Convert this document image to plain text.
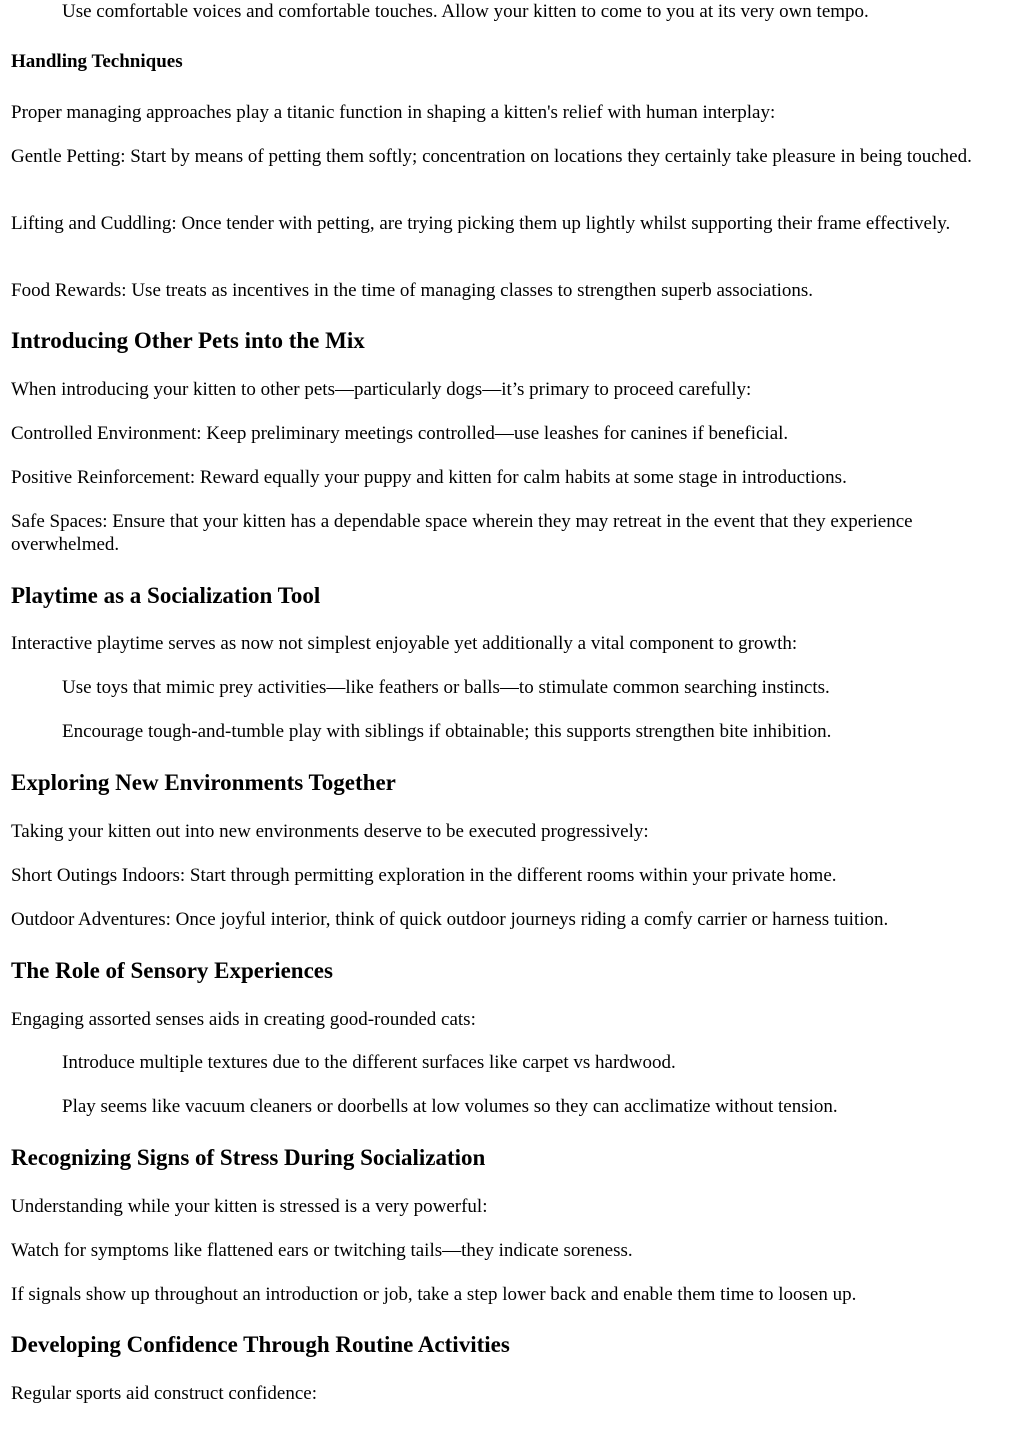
Use comfortable voices and comfortable touches. Allow your kitten to come to you at its very own tempo.

Handling Techniques

Proper managing approaches play a titanic function in shaping a kitten's relief with human interplay:

Gentle Petting: Start by means of petting them softly; concentration on locations they certainly take pleasure in being touched.

Lifting and Cuddling: Once tender with petting, are trying picking them up lightly whilst supporting their frame effectively.

Food Rewards: Use treats as incentives in the time of managing classes to strengthen superb associations.

Introducing Other Pets into the Mix

When introducing your kitten to other pets—particularly dogs—it’s primary to proceed carefully:

Controlled Environment: Keep preliminary meetings controlled—use leashes for canines if beneficial.

Positive Reinforcement: Reward equally your puppy and kitten for calm habits at some stage in introductions.

Safe Spaces: Ensure that your kitten has a dependable space wherein they may retreat in the event that they experience overwhelmed.

Playtime as a Socialization Tool

Interactive playtime serves as now not simplest enjoyable yet additionally a vital component to growth:

Use toys that mimic prey activities—like feathers or balls—to stimulate common searching instincts.

Encourage tough-and-tumble play with siblings if obtainable; this supports strengthen bite inhibition.

Exploring New Environments Together

Taking your kitten out into new environments deserve to be executed progressively:

Short Outings Indoors: Start through permitting exploration in the different rooms within your private home.

Outdoor Adventures: Once joyful interior, think of quick outdoor journeys riding a comfy carrier or harness tuition.

The Role of Sensory Experiences

Engaging assorted senses aids in creating good-rounded cats:

Introduce multiple textures due to the different surfaces like carpet vs hardwood.

Play seems like vacuum cleaners or doorbells at low volumes so they can acclimatize without tension.

Recognizing Signs of Stress During Socialization

Understanding while your kitten is stressed is a very powerful:

Watch for symptoms like flattened ears or twitching tails—they indicate soreness.

If signals show up throughout an introduction or job, take a step lower back and enable them time to loosen up.

Developing Confidence Through Routine Activities

Regular sports aid construct confidence:
